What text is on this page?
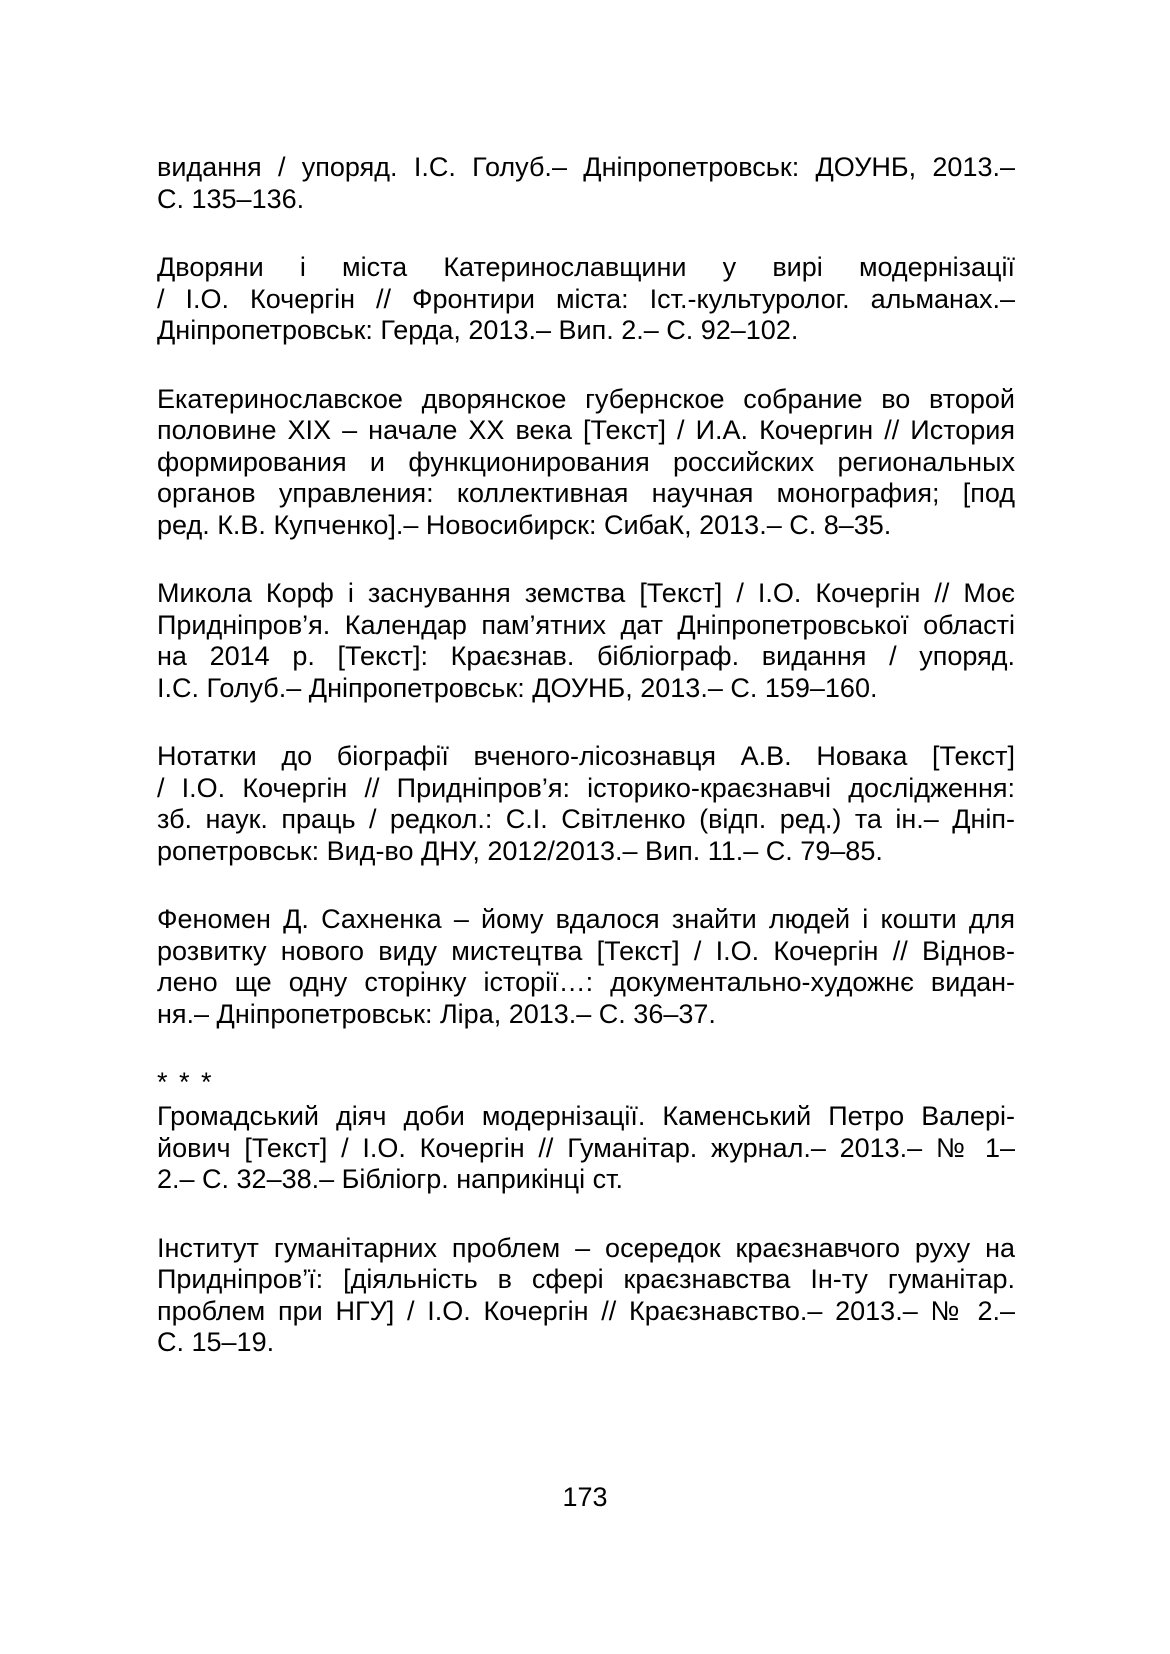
видання / упоряд. І.С. Голуб.– Дніпропетровськ: ДОУНБ, 2013.–
С. 135–136.
Дворяни і міста Катеринославщини у вирі модернізації
/ І.О. Кочергін // Фронтири міста: Іст.-культуролог. альманах.–
Дніпропетровськ: Герда, 2013.– Вип. 2.– С. 92–102.
Екатеринославское дворянское губернское собрание во второй
половине XIX – начале XX века [Текст] / И.А. Кочергин // История
формирования и функционирования российских региональных
органов управления: коллективная научная монография; [под
ред. К.В. Купченко].– Новосибирск: СибаК, 2013.– С. 8–35.
Микола Корф і заснування земства [Текст] / І.О. Кочергін // Моє
Придніпров’я. Календар пам’ятних дат Дніпропетровської області
на 2014 р. [Текст]: Краєзнав. бібліограф. видання / упоряд.
І.С. Голуб.– Дніпропетровськ: ДОУНБ, 2013.– С. 159–160.
Нотатки до біографії вченого-лісознавця А.В. Новака [Текст]
/ І.О. Кочергін // Придніпров’я: історико-краєзнавчі дослідження:
зб. наук. праць / редкол.: С.І. Світленко (відп. ред.) та ін.– Дніп-
ропетровськ: Вид-во ДНУ, 2012/2013.– Вип. 11.– С. 79–85.
Феномен Д. Сахненка – йому вдалося знайти людей і кошти для
розвитку нового виду мистецтва [Текст] / І.О. Кочергін // Віднов-
лено ще одну сторінку історії…: документально-художнє видан-
ня.– Дніпропетровськ: Ліра, 2013.– С. 36–37.
* * *
Громадський діяч доби модернізації. Каменський Петро Валері-
йович [Текст] / І.О. Кочергін // Гуманітар. журнал.– 2013.– № 1–
2.– С. 32–38.– Бібліогр. наприкінці ст.
Інститут гуманітарних проблем – осередок краєзнавчого руху на
Придніпров’ї: [діяльність в сфері краєзнавства Ін-ту гуманітар.
проблем при НГУ] / І.О. Кочергін // Краєзнавство.– 2013.– № 2.–
С. 15–19.
173
